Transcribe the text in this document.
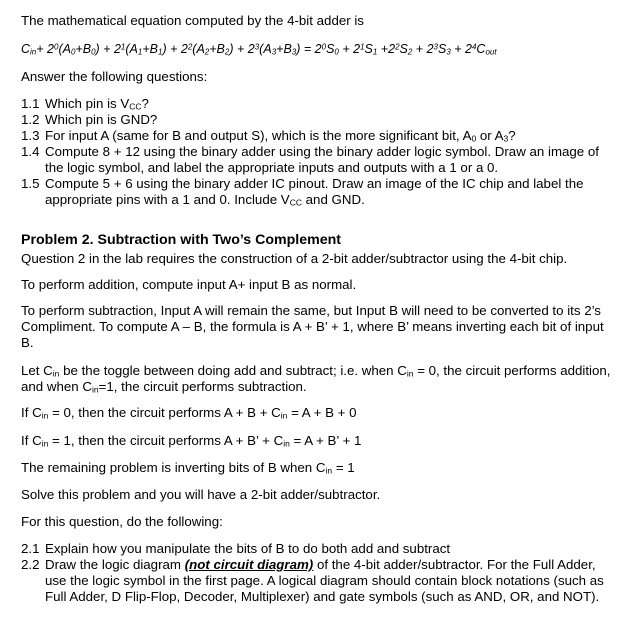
The mathematical equation computed by the 4-bit adder is

$C_{in}+ 2^0(A_0+B_0) + 2^1(A_1+B_1) + 2^2(A_2+B_2) + 2^3(A_3+B_3) = 2^0S_0 + 2^1S_1 +2^2S_2 + 2^3S_3 + 2^4C_{out}$

Answer the following questions:

1.1 Which pin is $V_{CC}$?
1.2 Which pin is GND?
1.3 For input A (same for B and output S), which is the more significant bit, $A_0$ or $A_3$?
1.4 Compute 8 + 12 using the binary adder using the binary adder logic symbol. Draw an image of the logic symbol, and label the appropriate inputs and outputs with a 1 or a 0.
1.5 Compute 5 + 6 using the binary adder IC pinout. Draw an image of the IC chip and label the appropriate pins with a 1 and 0. Include $V_{CC}$ and GND.

Problem 2. Subtraction with Two’s Complement

Question 2 in the lab requires the construction of a 2-bit adder/subtractor using the 4-bit chip.

To perform addition, compute input A+ input B as normal.

To perform subtraction, Input A will remain the same, but Input B will need to be converted to its 2’s Compliment. To compute A – B, the formula is A + B’ + 1, where B’ means inverting each bit of input B.

Let $C_{in}$ be the toggle between doing add and subtract; i.e. when $C_{in} = 0$, the circuit performs addition, and when $C_{in}=1$, the circuit performs subtraction.

If $C_{in} = 0$, then the circuit performs $A + B + C_{in} = A + B + 0$

If $C_{in} = 1$, then the circuit performs A + B’ + $C_{in} = A + B$’ + 1

The remaining problem is inverting bits of B when $C_{in} = 1$

Solve this problem and you will have a 2-bit adder/subtractor.

For this question, do the following:

2.1 Explain how you manipulate the bits of B to do both add and subtract
2.2 Draw the logic diagram (not circuit diagram) of the 4-bit adder/subtractor. For the Full Adder, use the logic symbol in the first page. A logical diagram should contain block notations (such as Full Adder, D Flip-Flop, Decoder, Multiplexer) and gate symbols (such as AND, OR, and NOT).
